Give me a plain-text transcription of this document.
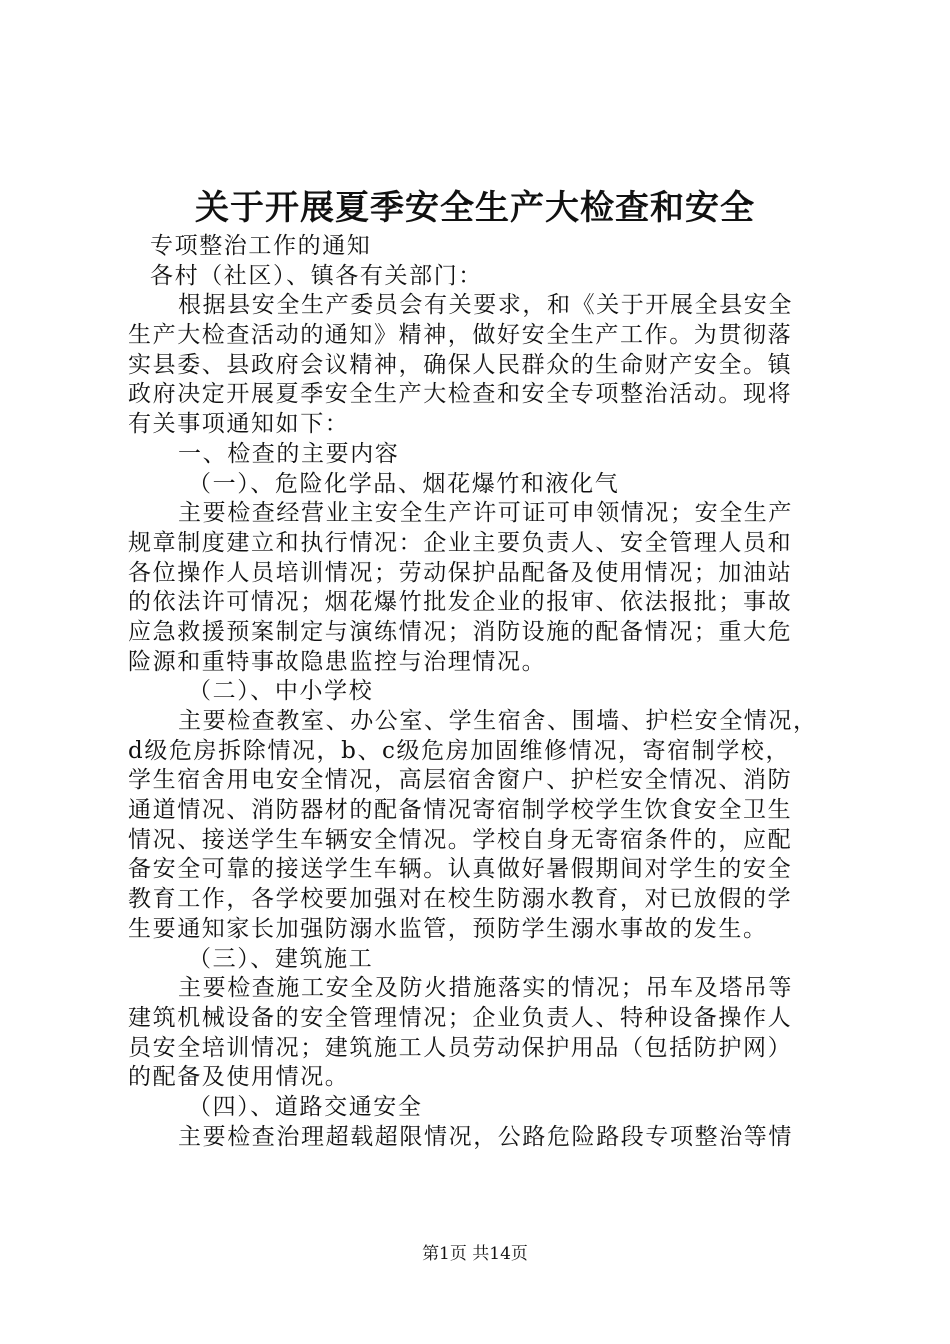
关于开展夏季安全生产大检查和安全
专项整治工作的通知
各村（社区）、镇各有关部门：
根据县安全生产委员会有关要求，和《关于开展全县安全
生产大检查活动的通知》精神，做好安全生产工作。为贯彻落
实县委、县政府会议精神，确保人民群众的生命财产安全。镇
政府决定开展夏季安全生产大检查和安全专项整治活动。现将
有关事项通知如下：
一、检查的主要内容
（一）、危险化学品、烟花爆竹和液化气
主要检查经营业主安全生产许可证可申领情况；安全生产
规章制度建立和执行情况：企业主要负责人、安全管理人员和
各位操作人员培训情况；劳动保护品配备及使用情况；加油站
的依法许可情况；烟花爆竹批发企业的报审、依法报批；事故
应急救援预案制定与演练情况；消防设施的配备情况；重大危
险源和重特事故隐患监控与治理情况。
（二）、中小学校
主要检查教室、办公室、学生宿舍、围墙、护栏安全情况，
d级危房拆除情况，b、c级危房加固维修情况，寄宿制学校，
学生宿舍用电安全情况，高层宿舍窗户、护栏安全情况、消防
通道情况、消防器材的配备情况寄宿制学校学生饮食安全卫生
情况、接送学生车辆安全情况。学校自身无寄宿条件的，应配
备安全可靠的接送学生车辆。认真做好暑假期间对学生的安全
教育工作，各学校要加强对在校生防溺水教育，对已放假的学
生要通知家长加强防溺水监管，预防学生溺水事故的发生。
（三）、建筑施工
主要检查施工安全及防火措施落实的情况；吊车及塔吊等
建筑机械设备的安全管理情况；企业负责人、特种设备操作人
员安全培训情况；建筑施工人员劳动保护用品（包括防护网）
的配备及使用情况。
（四）、道路交通安全
主要检查治理超载超限情况，公路危险路段专项整治等情
第1页 共14页
